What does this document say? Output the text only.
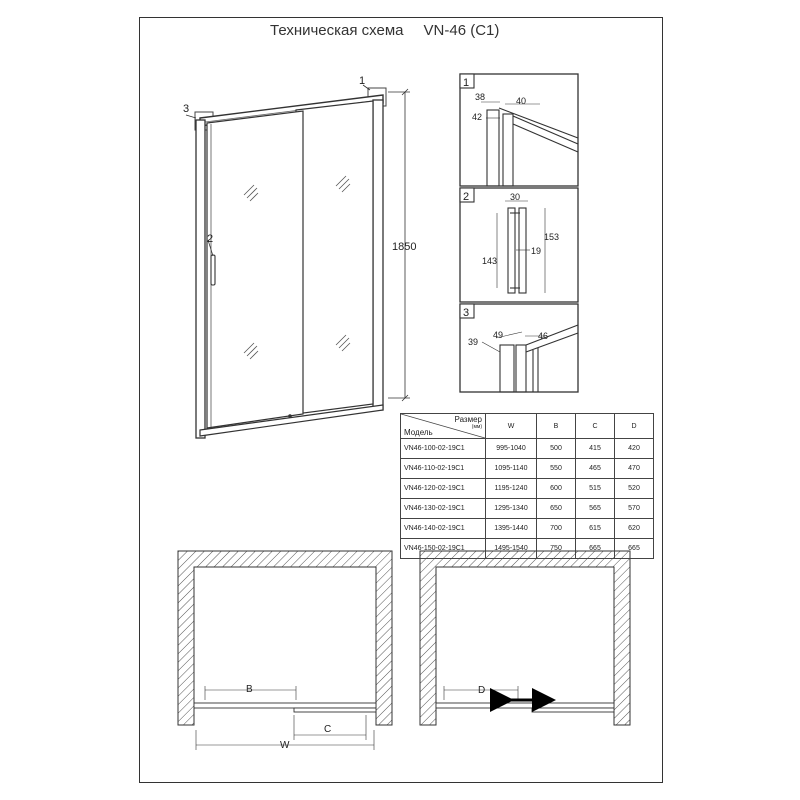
Техническая схема VN-46 (C1)
3
1
2
1850
1
38	40
42
2	30
153
143
19
3
49	46
39
B
C
W
D
Размер
(мм)
Модель	W	B	C	D
VN46-100-02-19C1	995-1040	500	415	420
VN46-110-02-19C1	1095-1140	550	465	470
VN46-120-02-19C1	1195-1240	600	515	520
VN46-130-02-19C1	1295-1340	650	565	570
VN46-140-02-19C1	1395-1440	700	615	620
VN46-150-02-19C1	1495-1540	750	665	665
